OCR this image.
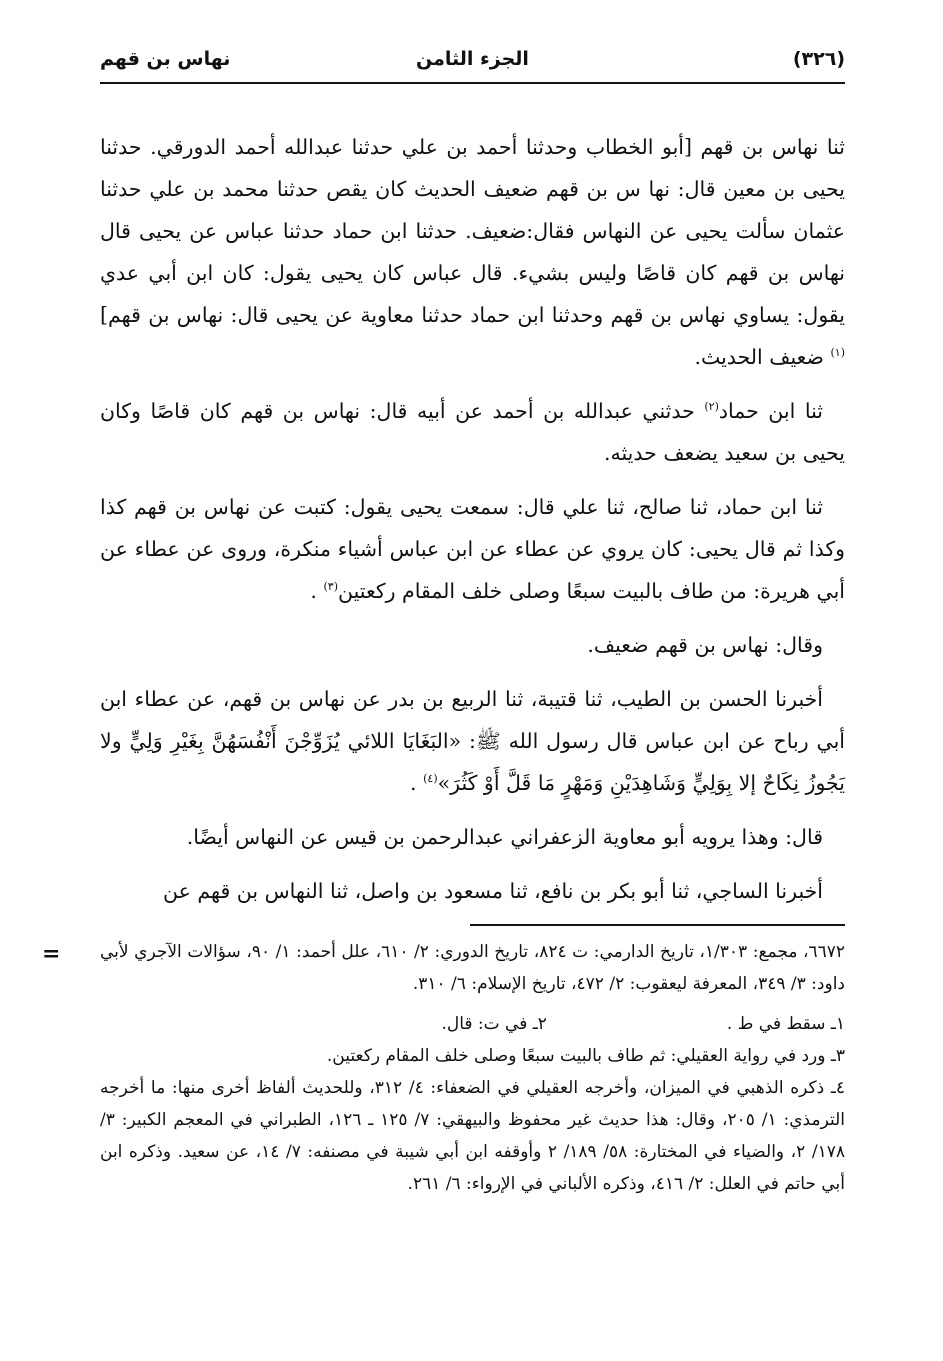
(٣٢٦)
الجزء الثامن
نهاس بن قهم

ثنا نهاس بن قهم [أبو الخطاب وحدثنا أحمد بن علي حدثنا عبدالله أحمد الدورقي. حدثنا يحيى بن معين قال: نها س بن قهم ضعيف الحديث كان يقص حدثنا محمد بن علي حدثنا عثمان سألت يحيى عن النهاس فقال:ضعيف. حدثنا ابن حماد حدثنا عباس عن يحيى قال نهاس بن قهم كان قاصًا وليس بشيء. قال عباس كان يحيى يقول: كان ابن أبي عدي يقول: يساوي نهاس بن قهم وحدثنا ابن حماد حدثنا معاوية عن يحيى قال: نهاس بن قهم]$^{(١)}$ ضعيف الحديث.

ثنا ابن حماد$^{(٢)}$ حدثني عبدالله بن أحمد عن أبيه قال: نهاس بن قهم كان قاصًا وكان يحيى بن سعيد يضعف حديثه.

ثنا ابن حماد، ثنا صالح، ثنا علي قال: سمعت يحيى يقول: كتبت عن نهاس بن قهم كذا وكذا ثم قال يحيى: كان يروي عن عطاء عن ابن عباس أشياء منكرة، وروى عن عطاء عن أبي هريرة: من طاف بالبيت سبعًا وصلى خلف المقام ركعتين$^{(٣)}$ .

وقال: نهاس بن قهم ضعيف.

أخبرنا الحسن بن الطيب، ثنا قتيبة، ثنا الربيع بن بدر عن نهاس بن قهم، عن عطاء ابن أبي رباح عن ابن عباس قال رسول الله ﷺ: «البَغَايَا اللائي يُزَوِّجْنَ أَنْفُسَهُنَّ بِغَيْرِ وَلِيٍّ ولا يَجُوزُ نِكَاحٌ إلا بِوَلِيٍّ وَشَاهِدَيْنِ وَمَهْرٍ مَا قَلَّ أَوْ كَثُرَ»$^{(٤)}$ .

قال: وهذا يرويه أبو معاوية الزعفراني عبدالرحمن بن قيس عن النهاس أيضًا.

أخبرنا الساجي، ثنا أبو بكر بن نافع، ثنا مسعود بن واصل، ثنا النهاس بن قهم عن

= ٦٦٧٢، مجمع: ١/٣٠٣، تاريخ الدارمي: ت ٨٢٤، تاريخ الدوري: ٢/ ٦١٠، علل أحمد: ١/ ٩٠، سؤالات الآجري لأبي داود: ٣/ ٣٤٩، المعرفة ليعقوب: ٢/ ٤٧٢، تاريخ الإسلام: ٦/ ٣١٠.

١ـ سقط في ط .
٢ـ في ت: قال.

٣ـ ورد في رواية العقيلي: ثم طاف بالبيت سبعًا وصلى خلف المقام ركعتين.

٤ـ ذكره الذهبي في الميزان، وأخرجه العقيلي في الضعفاء: ٤/ ٣١٢، وللحديث ألفاظ أخرى منها: ما أخرجه الترمذي: ١/ ٢٠٥، وقال: هذا حديث غير محفوظ والبيهقي: ٧/ ١٢٥ ـ ١٢٦، الطبراني في المعجم الكبير: ٣/ ١٧٨/ ٢، والضياء في المختارة: ٥٨/ ١٨٩/ ٢ وأوقفه ابن أبي شيبة في مصنفه: ٧/ ١٤، عن سعيد. وذكره ابن أبي حاتم في العلل: ٢/ ٤١٦، وذكره الألباني في الإرواء: ٦/ ٢٦١.
